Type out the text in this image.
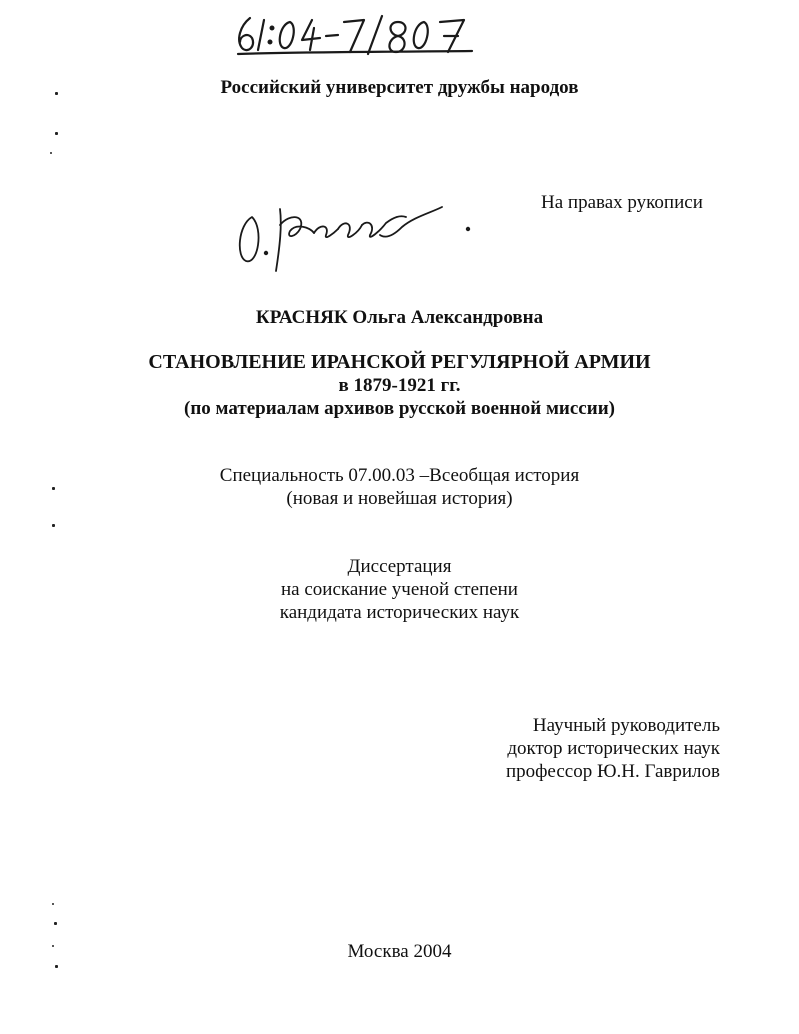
Российский университет дружбы народов
На правах рукописи
КРАСНЯК Ольга Александровна
СТАНОВЛЕНИЕ ИРАНСКОЙ РЕГУЛЯРНОЙ АРМИИ
в 1879-1921 гг.
(по материалам архивов русской военной миссии)
Специальность 07.00.03 –Всеобщая история
(новая и новейшая история)
Диссертация
на соискание ученой степени
кандидата исторических наук
Научный руководитель
доктор исторических наук
профессор Ю.Н. Гаврилов
Москва 2004
